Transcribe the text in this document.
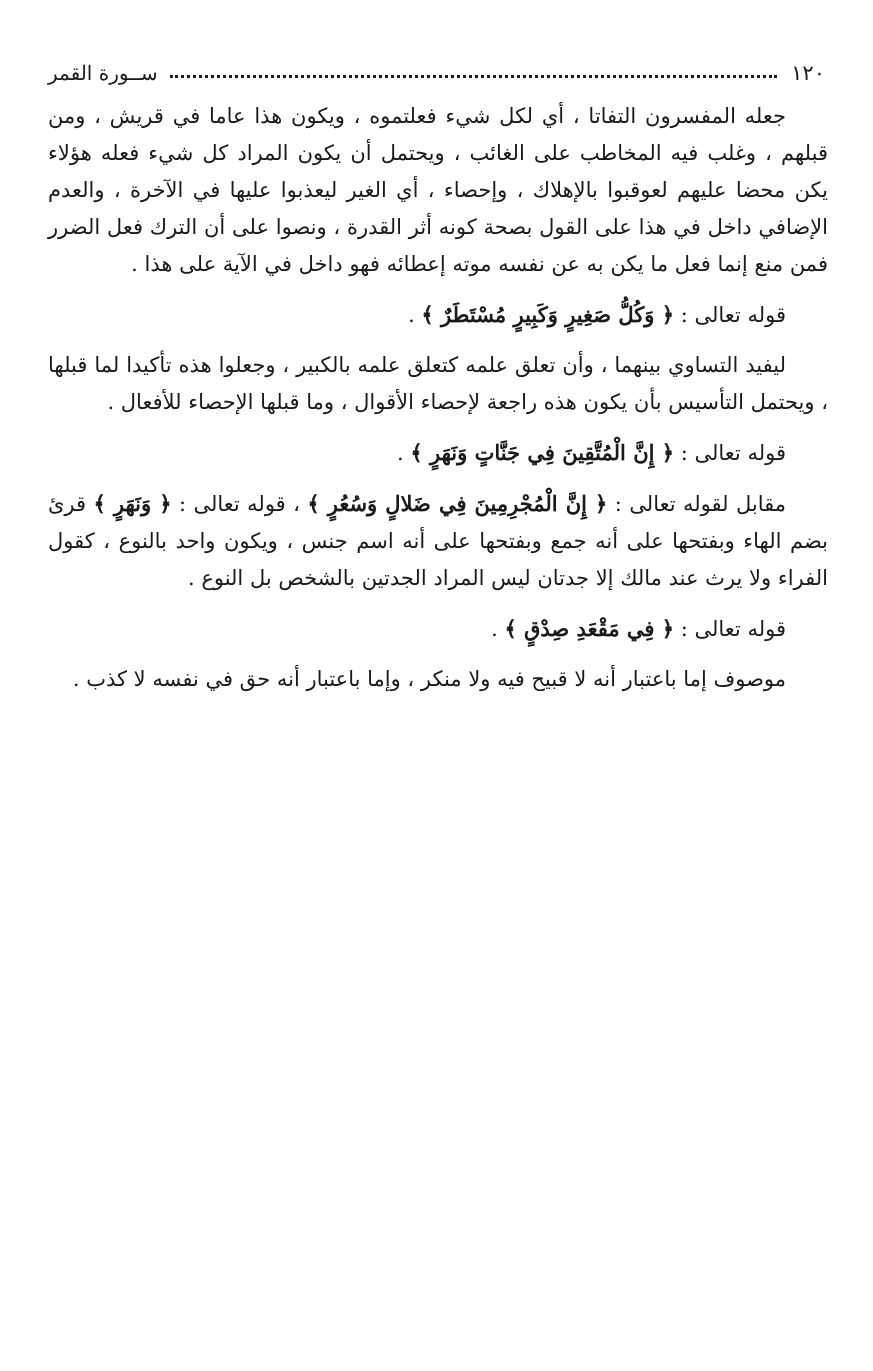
١٢٠
ســورة القمر

جعله المفسرون التفاتا ، أي لكل شيء فعلتموه ، ويكون هذا عاما في قريش ، ومن قبلهم ، وغلب فيه المخاطب على الغائب ، ويحتمل أن يكون المراد كل شيء فعله هؤلاء يكن محضا عليهم لعوقبوا بالإهلاك ، وإحصاء ، أي الغير ليعذبوا عليها في الآخرة ، والعدم الإضافي داخل في هذا على القول بصحة كونه أثر القدرة ، ونصوا على أن الترك فعل الضرر فمن منع إنما فعل ما يكن به عن نفسه موته إعطائه فهو داخل في الآية على هذا .

قوله تعالى : ﴿ وَكُلُّ صَغِيرٍ وَكَبِيرٍ مُسْتَطَرٌ ﴾ .

ليفيد التساوي بينهما ، وأن تعلق علمه كتعلق علمه بالكبير ، وجعلوا هذه تأكيدا لما قبلها ، ويحتمل التأسيس بأن يكون هذه راجعة لإحصاء الأقوال ، وما قبلها الإحصاء للأفعال .

قوله تعالى : ﴿ إِنَّ الْمُتَّقِينَ فِي جَنَّاتٍ وَنَهَرٍ ﴾ .

مقابل لقوله تعالى : ﴿ إِنَّ الْمُجْرِمِينَ فِي ضَلالٍ وَسُعُرٍ ﴾ ، قوله تعالى : ﴿ وَنَهَرٍ ﴾ قرئ بضم الهاء وبفتحها على أنه جمع وبفتحها على أنه اسم جنس ، ويكون واحد بالنوع ، كقول الفراء ولا يرث عند مالك إلا جدتان ليس المراد الجدتين بالشخص بل النوع .

قوله تعالى : ﴿ فِي مَقْعَدِ صِدْقٍ ﴾ .

موصوف إما باعتبار أنه لا قبيح فيه ولا منكر ، وإما باعتبار أنه حق في نفسه لا كذب .
